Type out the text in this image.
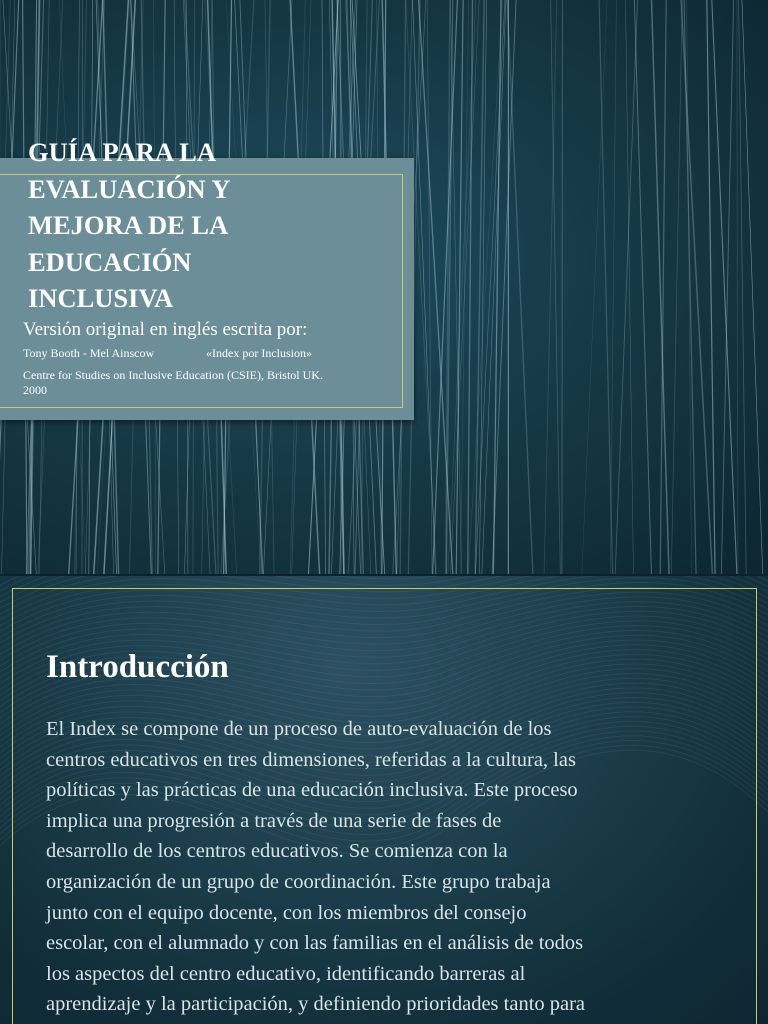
GUÍA PARA LA
EVALUACIÓN Y
MEJORA DE LA
EDUCACIÓN
INCLUSIVA

Versión original en inglés escrita por:

Tony Booth - Mel Ainscow	«Index por Inclusion»
Centre for Studies on Inclusive Education (CSIE), Bristol UK.
2000
Introducción
El Index se compone de un proceso de auto-evaluación de los
centros educativos en tres dimensiones, referidas a la cultura, las
políticas y las prácticas de una educación inclusiva. Este proceso
implica una progresión a través de una serie de fases de
desarrollo de los centros educativos. Se comienza con la
organización de un grupo de coordinación. Este grupo trabaja
junto con el equipo docente, con los miembros del consejo
escolar, con el alumnado y con las familias en el análisis de todos
los aspectos del centro educativo, identificando barreras al
aprendizaje y la participación, y definiendo prioridades tanto para
